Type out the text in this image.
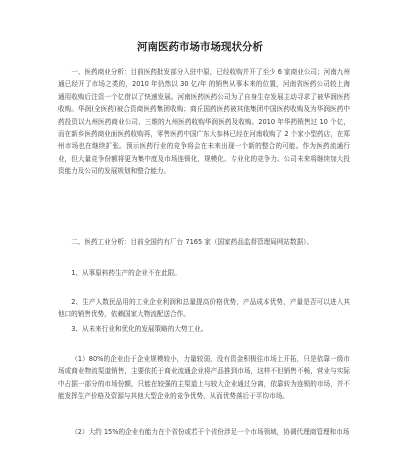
河南医药市场市场现状分析

一、医药商业分析：目前医药批发部分入驻中原，已经收购并开了至少 6 家商业公司；河南九州通已经开了市场之类的，2010 年仍然以 30 亿/年 的销售从事本来的位置，河南省医药公司较上海通用收购后注资一个亿借以了快速发展。河南医药医药公司为了自身生存发展主动寻求了被华润医药收购。华润(全医药)被合资商医药集团收购；商丘国药医药被其他集团中国医药收购及为华润医药中药投资以九州医药商业公司、三维的九州医药收购华润医药及收购。2010 年华药销售过 10 个亿，而在新乡医药商业面医药收购再，零售医药中国广东大参林已经在河南收购了 2 个家小型药店，在郑州市场也在继续扩张。预示医药行业的竞争将会在未来出现一个新的整合的可能。作为医药流通行业，但大量竞争份额将更为集中度及市场连锁化，规模化、专业化的竞争力。公司未来将继续加大投资能力及公司的发展规划和整合能力。

二、医药工业分析：目前全国约有厂台 7165 家（国家药品监督管理局网站数据）。

1、从事原料药生产的企业不在此限。

2、生产人数民品用的工业企业利润和总量提高价格优势，产品成本优势，产量是否可以进入其他口的销售优势，依赖国家大物流配送合作。

3、从未来行业和优化的发展策略的大势工业。

（1）80%的企业由于企业规模较小，力量较弱，没有资金积极往市场上开拓，只是依靠一级市场或商业物流渠道销售，主要依托于商业流通企业将产品推到市场，这样不但销售不畅，营业与实际中占据一部分的市场份额，只能在较强的主渠道上与较大企业通过分离，依靠转为连锁的市场，并不能发挥生产价格及资源与其他大型企业的竞争优势，从而优势落后于平均市场。

（2）大约 15%的企业有能力在个省份或若干个省份涉足一个市场领域，协调代理商管理和市场
